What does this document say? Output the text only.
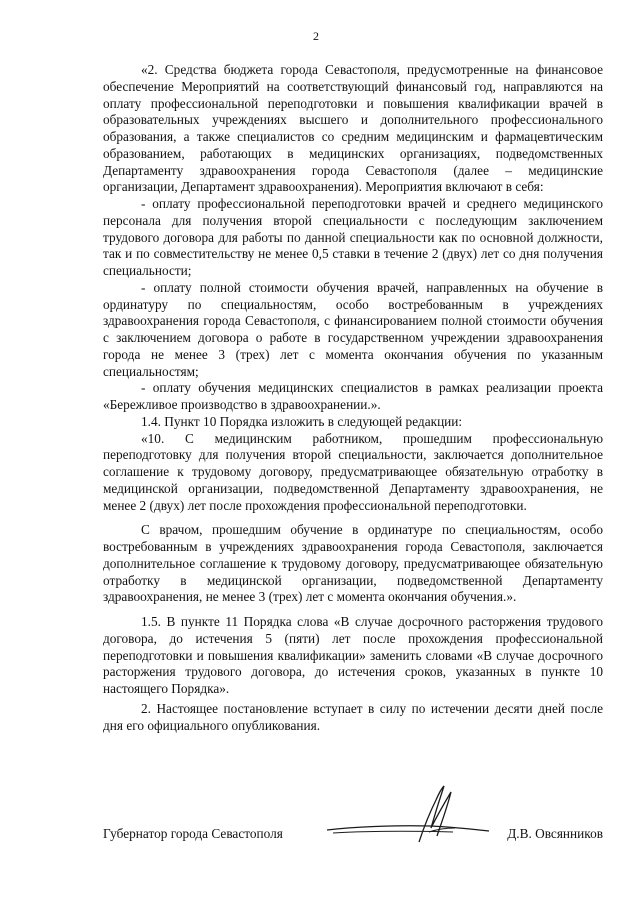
2

«2. Средства бюджета города Севастополя, предусмотренные на финансовое обеспечение Мероприятий на соответствующий финансовый год, направляются на оплату профессиональной переподготовки и повышения квалификации врачей в образовательных учреждениях высшего и дополнительного профессионального образования, а также специалистов со средним медицинским и фармацевтическим образованием, работающих в медицинских организациях, подведомственных Департаменту здравоохранения города Севастополя (далее – медицинские организации, Департамент здравоохранения). Мероприятия включают в себя:

- оплату профессиональной переподготовки врачей и среднего медицинского персонала для получения второй специальности с последующим заключением трудового договора для работы по данной специальности как по основной должности, так и по совместительству не менее 0,5 ставки в течение 2 (двух) лет со дня получения специальности;

- оплату полной стоимости обучения врачей, направленных на обучение в ординатуру по специальностям, особо востребованным в учреждениях здравоохранения города Севастополя, с финансированием полной стоимости обучения с заключением договора о работе в государственном учреждении здравоохранения города не менее 3 (трех) лет с момента окончания обучения по указанным специальностям;

- оплату обучения медицинских специалистов в рамках реализации проекта «Бережливое производство в здравоохранении.».

1.4. Пункт 10 Порядка изложить в следующей редакции:

«10. С медицинским работником, прошедшим профессиональную переподготовку для получения второй специальности, заключается дополнительное соглашение к трудовому договору, предусматривающее обязательную отработку в медицинской организации, подведомственной Департаменту здравоохранения, не менее 2 (двух) лет после прохождения профессиональной переподготовки.

С врачом, прошедшим обучение в ординатуре по специальностям, особо востребованным в учреждениях здравоохранения города Севастополя, заключается дополнительное соглашение к трудовому договору, предусматривающее обязательную отработку в медицинской организации, подведомственной Департаменту здравоохранения, не менее 3 (трех) лет с момента окончания обучения.».

1.5. В пункте 11 Порядка слова «В случае досрочного расторжения трудового договора, до истечения 5 (пяти) лет после прохождения профессиональной переподготовки и повышения квалификации» заменить словами «В случае досрочного расторжения трудового договора, до истечения сроков, указанных в пункте 10 настоящего Порядка».

2. Настоящее постановление вступает в силу по истечении десяти дней после дня его официального опубликования.

Губернатор города Севастополя	Д.В. Овсянников
